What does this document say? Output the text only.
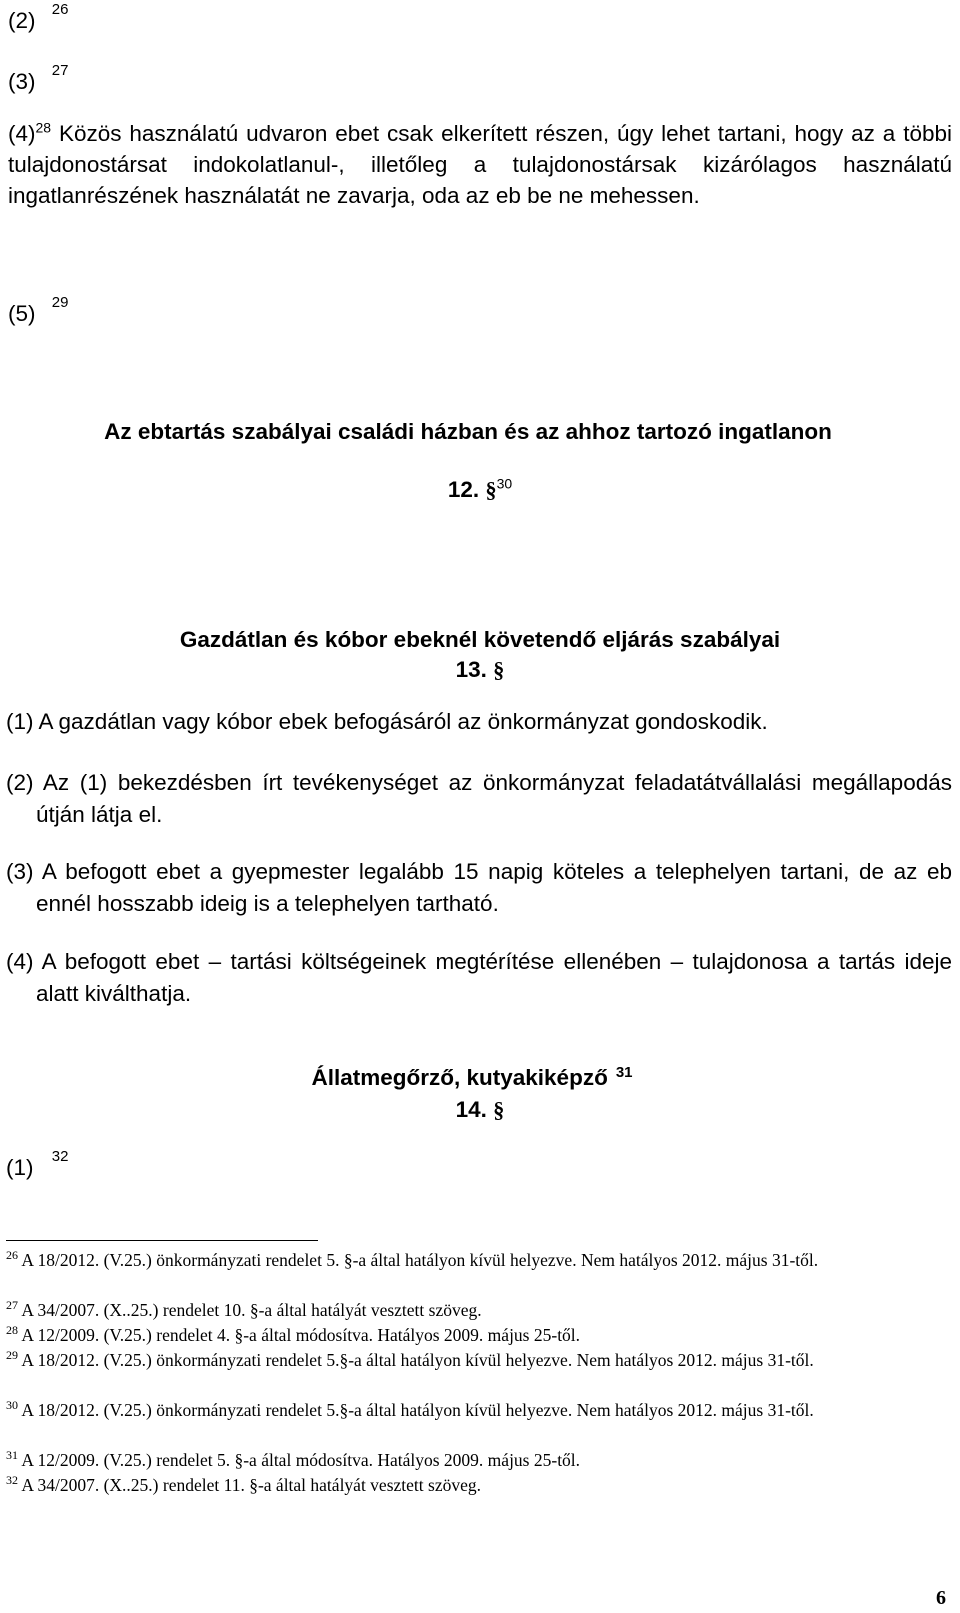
(2) $^{26}$
(3) $^{27}$
$(4)^{28}$ Közös használatú udvaron ebet csak elkerített részen, úgy lehet tartani, hogy az a többi tulajdonostársat indokolatlanul-, illetőleg a tulajdonostársak kizárólagos használatú ingatlanrészének használatát ne zavarja, oda az eb be ne mehessen.
(5) $^{29}$
Az ebtartás szabályai családi házban és az ahhoz tartozó ingatlanon
12. §$^{30}$
Gazdátlan és kóbor ebeknél követendő eljárás szabályai
13. §
(1) A gazdátlan vagy kóbor ebek befogásáról az önkormányzat gondoskodik.
(2) Az (1) bekezdésben írt tevékenységet az önkormányzat feladatátvállalási megállapodás útján látja el.
(3) A befogott ebet a gyepmester legalább 15 napig köteles a telephelyen tartani, de az eb ennél hosszabb ideig is a telephelyen tartható.
(4) A befogott ebet – tartási költségeinek megtérítése ellenében – tulajdonosa a tartás ideje alatt kiválthatja.
Állatmegőrző, kutyakiképző $^{31}$
14. §
(1) $^{32}$
$^{26}$ A 18/2012. (V.25.) önkormányzati rendelet 5. §-a által hatályon kívül helyezve. Nem hatályos 2012. május 31-től.
$^{27}$ A 34/2007. (X..25.) rendelet 10. §-a által hatályát vesztett szöveg.
$^{28}$ A 12/2009. (V.25.) rendelet 4. §-a által módosítva. Hatályos 2009. május 25-től.
$^{29}$ A 18/2012. (V.25.) önkormányzati rendelet 5.§-a által hatályon kívül helyezve. Nem hatályos 2012. május 31-től.
$^{30}$ A 18/2012. (V.25.) önkormányzati rendelet 5.§-a által hatályon kívül helyezve. Nem hatályos 2012. május 31-től.
$^{31}$ A 12/2009. (V.25.) rendelet 5. §-a által módosítva. Hatályos 2009. május 25-től.
$^{32}$ A 34/2007. (X..25.) rendelet 11. §-a által hatályát vesztett szöveg.
6
